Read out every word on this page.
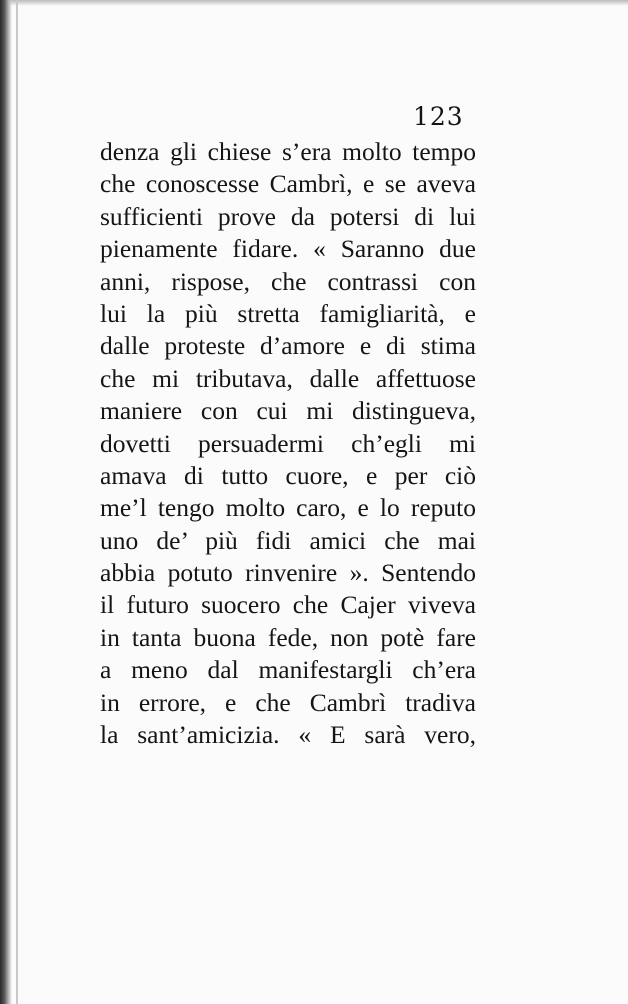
123
denza gli chiese s’era molto tempo
che conoscesse Cambrì, e se aveva
sufficienti prove da potersi di lui
pienamente fidare. « Saranno due
anni, rispose, che contrassi con
lui la più stretta famigliarità, e
dalle proteste d’amore e di stima
che mi tributava, dalle affettuose
maniere con cui mi distingueva,
dovetti persuadermi ch’egli mi
amava di tutto cuore, e per ciò
me’l tengo molto caro, e lo reputo
uno de’ più fidi amici che mai
abbia potuto rinvenire ». Sentendo
il futuro suocero che Cajer viveva
in tanta buona fede, non potè fare
a meno dal manifestargli ch’era
in errore, e che Cambrì tradiva
la sant’amicizia. « E sarà vero,
